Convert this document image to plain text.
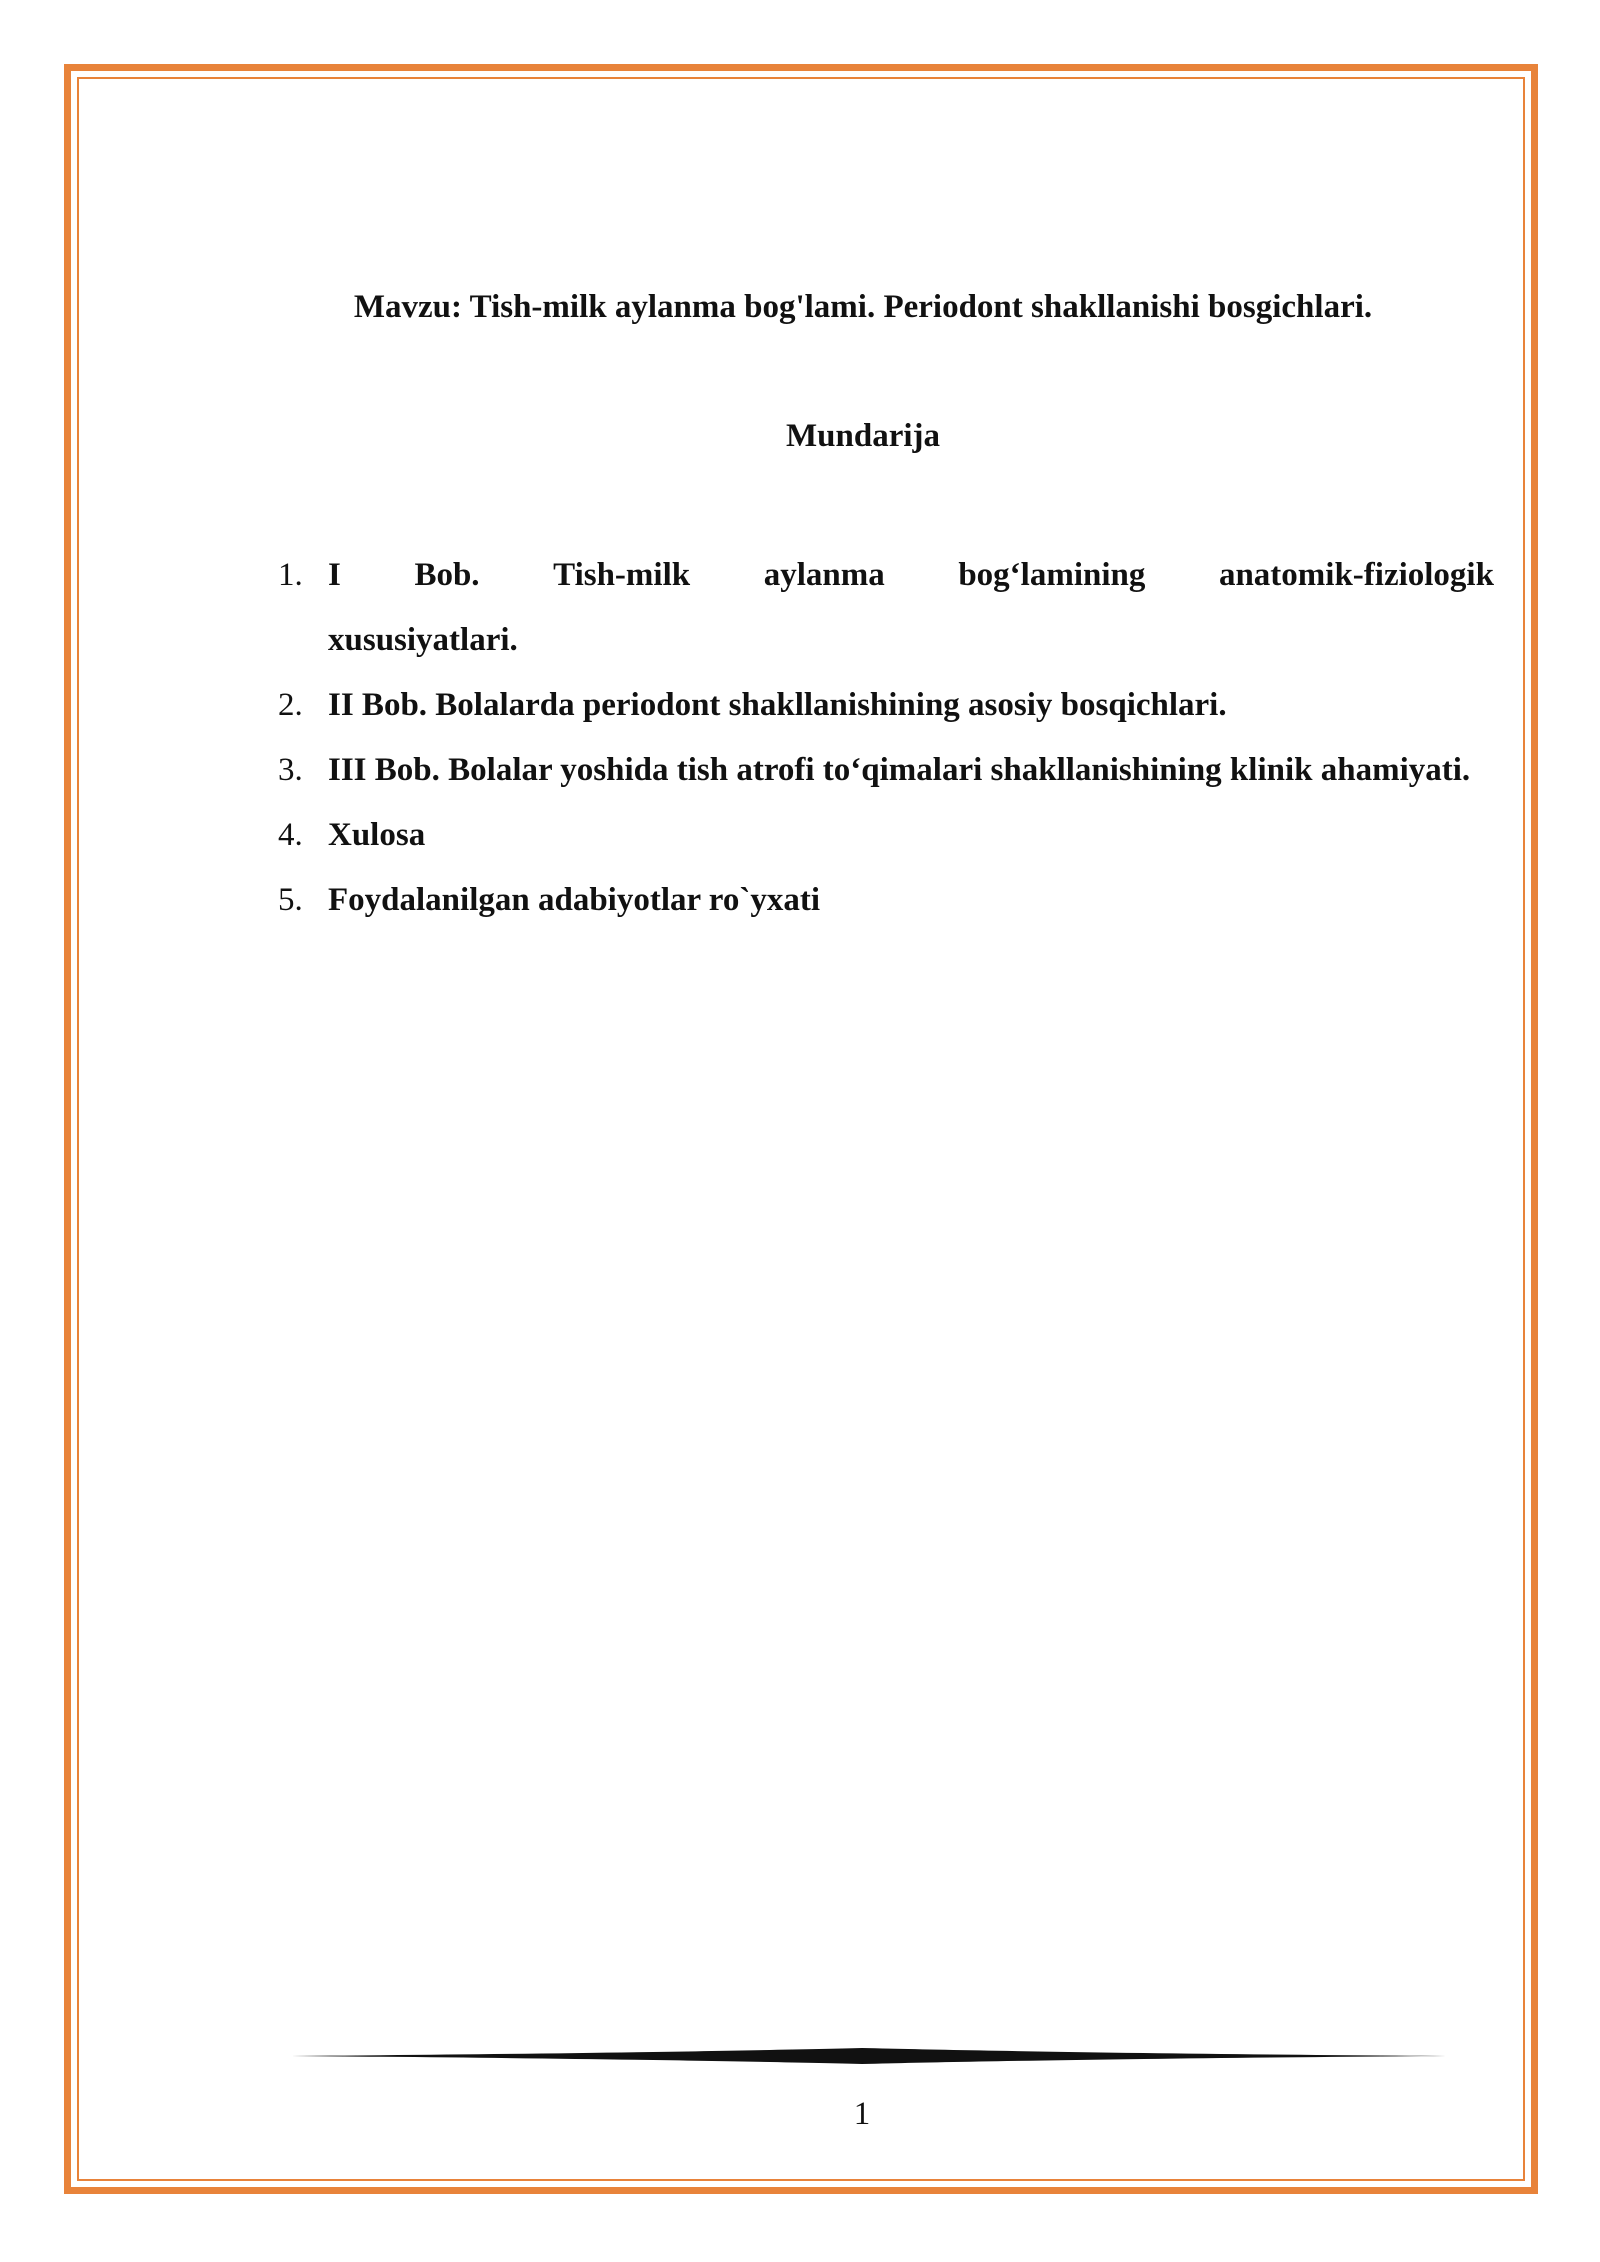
Mavzu: Tish-milk aylanma bog'lami. Periodont shakllanishi bosgichlari.
Mundarija
1. I Bob. Tish-milk aylanma bog‘lamining anatomik-fiziologik
xususiyatlari.
2. II Bob. Bolalarda periodont shakllanishining asosiy bosqichlari.
3. III Bob. Bolalar yoshida tish atrofi to‘qimalari shakllanishining klinik ahamiyati.
4. Xulosa
5. Foydalanilgan adabiyotlar ro`yxati
1
